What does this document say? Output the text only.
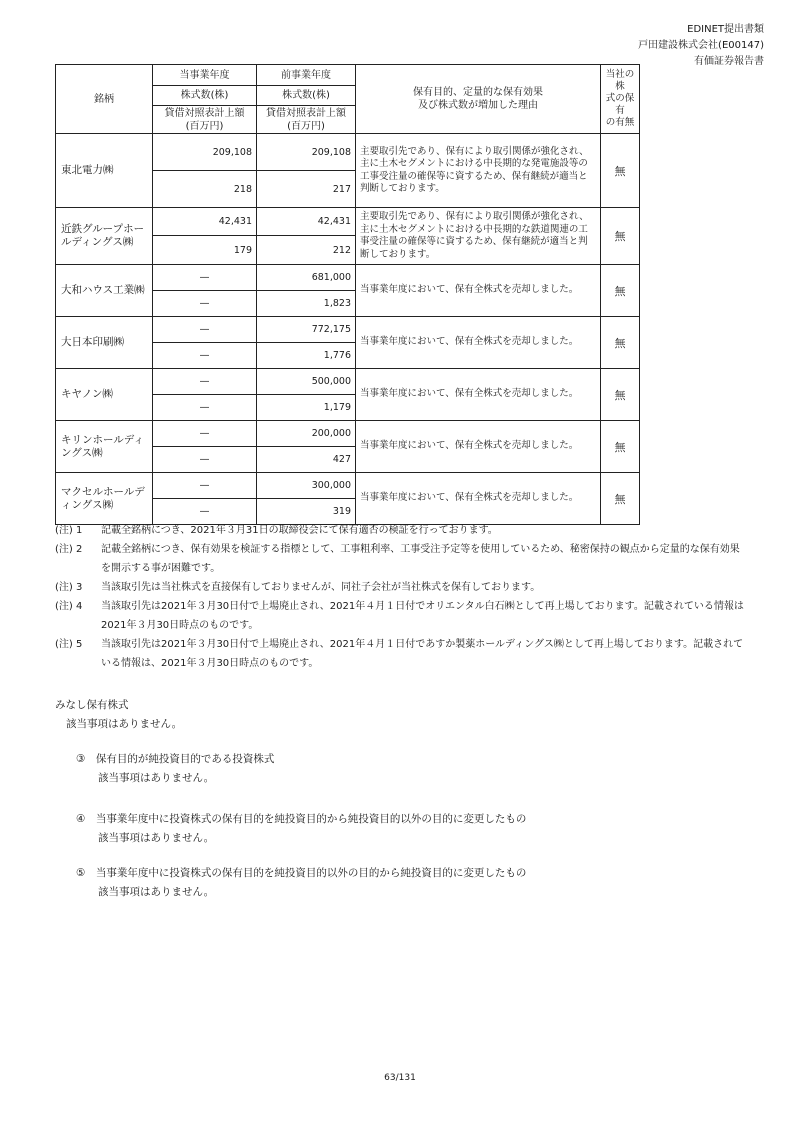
EDINET提出書類
戸田建設株式会社(E00147)
有価証券報告書
銘柄	当事業年度	前事業年度	保有目的、定量的な保有効果
及び株式数が増加した理由	当社の株
式の保有
の有無
	株式数(株)	株式数(株)		
	貸借対照表計上額
(百万円)	貸借対照表計上額
(百万円)		
東北電力㈱	209,108	209,108	主要取引先であり、保有により取引関係が強化され、主に土木セグメントにおける中長期的な発電施設等の工事受注量の確保等に資するため、保有継続が適当と判断しております。	無
	218	217		
近鉄グループホールディングス㈱	42,431	42,431	主要取引先であり、保有により取引関係が強化され、主に土木セグメントにおける中長期的な鉄道関連の工事受注量の確保等に資するため、保有継続が適当と判断しております。	無
	179	212		
大和ハウス工業㈱	—	681,000	当事業年度において、保有全株式を売却しました。	無
	—	1,823		
大日本印刷㈱	—	772,175	当事業年度において、保有全株式を売却しました。	無
	—	1,776		
キヤノン㈱	—	500,000	当事業年度において、保有全株式を売却しました。	無
	—	1,179		
キリンホールディングス㈱	—	200,000	当事業年度において、保有全株式を売却しました。	無
	—	427		
マクセルホールディングス㈱	—	300,000	当事業年度において、保有全株式を売却しました。	無
	—	319		
(注) 1	記載全銘柄につき、2021年３月31日の取締役会にて保有適否の検証を行っております。
(注) 2	記載全銘柄につき、保有効果を検証する指標として、工事粗利率、工事受注予定等を使用しているため、秘密保持の観点から定量的な保有効果を開示する事が困難です。
(注) 3	当該取引先は当社株式を直接保有しておりませんが、同社子会社が当社株式を保有しております。
(注) 4	当該取引先は2021年３月30日付で上場廃止され、2021年４月１日付でオリエンタル白石㈱として再上場しております。記載されている情報は2021年３月30日時点のものです。
(注) 5	当該取引先は2021年３月30日付で上場廃止され、2021年４月１日付であすか製薬ホールディングス㈱として再上場しております。記載されている情報は、2021年３月30日時点のものです。
みなし保有株式
該当事項はありません。
③　保有目的が純投資目的である投資株式
該当事項はありません。
④　当事業年度中に投資株式の保有目的を純投資目的から純投資目的以外の目的に変更したもの
該当事項はありません。
⑤　当事業年度中に投資株式の保有目的を純投資目的以外の目的から純投資目的に変更したもの
該当事項はありません。
63/131
